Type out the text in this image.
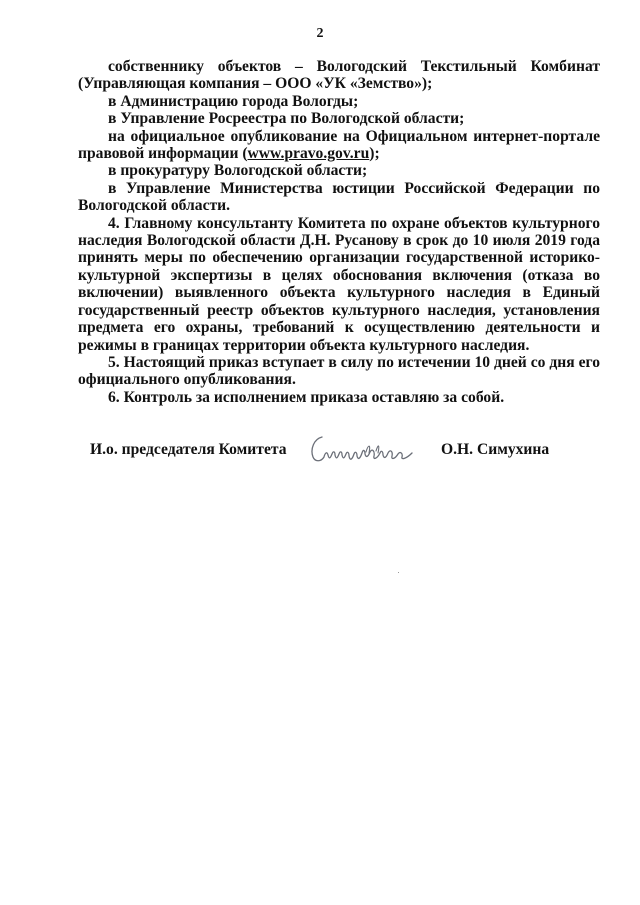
2

собственнику объектов – Вологодский Текстильный Комбинат

(Управляющая компания – ООО «УК «Земство»);

в Администрацию города Вологды;

в Управление Росреестра по Вологодской области;

на официальное опубликование на Официальном интернет-портале правовой информации (www.pravo.gov.ru);

в прокуратуру Вологодской области;

в Управление Министерства юстиции Российской Федерации по Вологодской области.

4. Главному консультанту Комитета по охране объектов культурного наследия Вологодской области Д.Н. Русанову в срок до 10 июля 2019 года принять меры по обеспечению организации государственной историко-культурной экспертизы в целях обоснования включения (отказа во включении) выявленного объекта культурного наследия в Единый государственный реестр объектов культурного наследия, установления предмета его охраны, требований к осуществлению деятельности и режимы в границах территории объекта культурного наследия.

5. Настоящий приказ вступает в силу по истечении 10 дней со дня его официального опубликования.

6. Контроль за исполнением приказа оставляю за собой.

И.о. председателя Комитета	О.Н. Симухина
